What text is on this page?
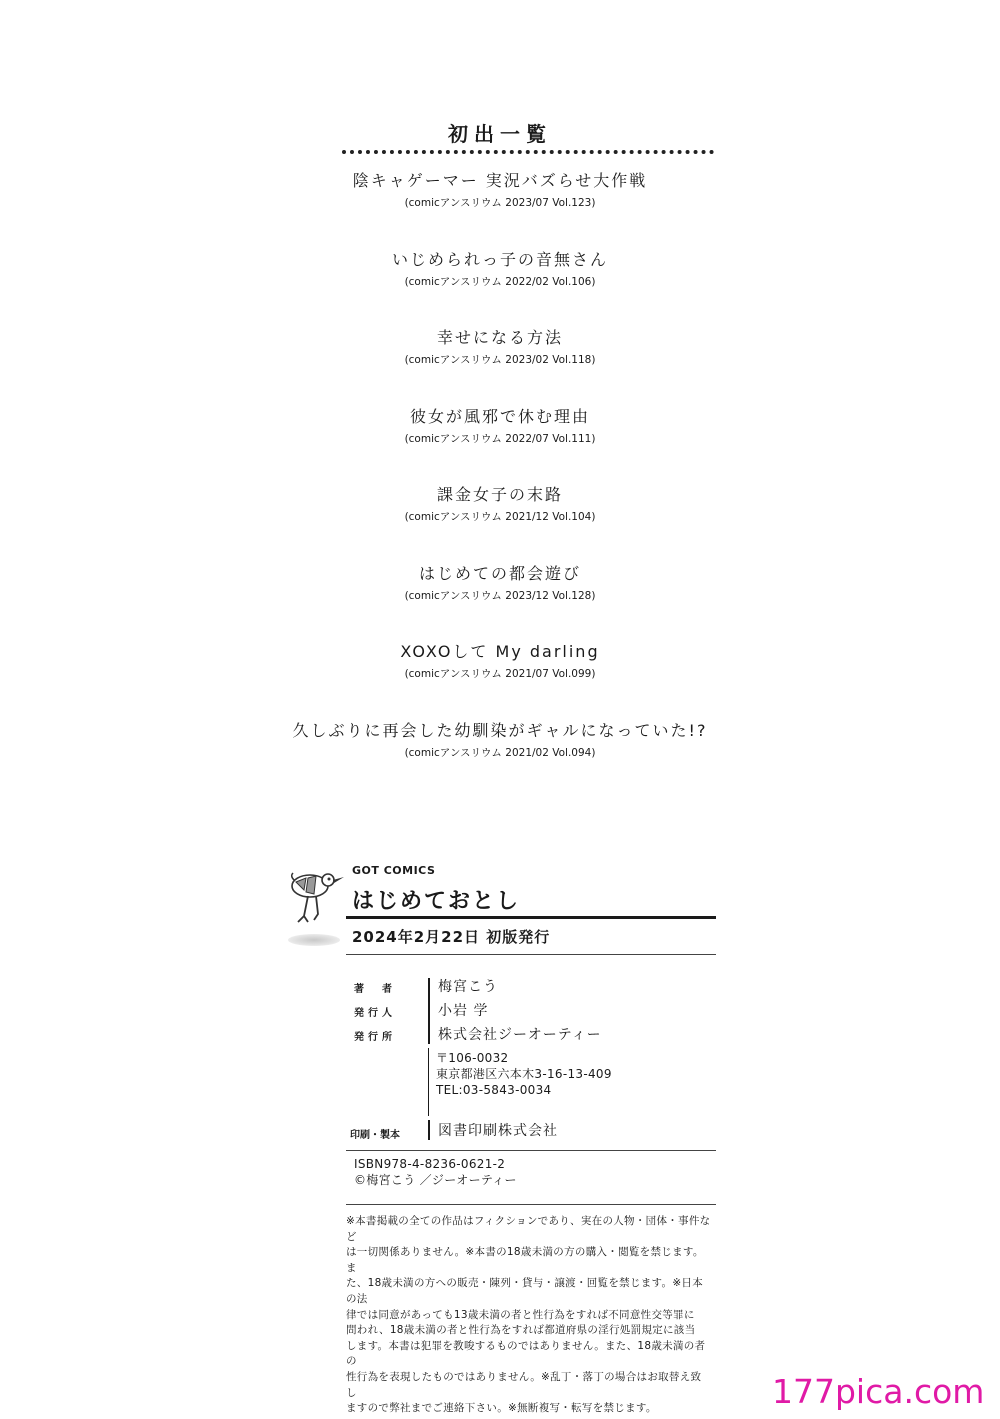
初出一覧
陰キャゲーマー 実況バズらせ大作戦
(comicアンスリウム 2023/07 Vol.123)
いじめられっ子の音無さん
(comicアンスリウム 2022/02 Vol.106)
幸せになる方法
(comicアンスリウム 2023/02 Vol.118)
彼女が風邪で休む理由
(comicアンスリウム 2022/07 Vol.111)
課金女子の末路
(comicアンスリウム 2021/12 Vol.104)
はじめての都会遊び
(comicアンスリウム 2023/12 Vol.128)
XOXOして My darling
(comicアンスリウム 2021/07 Vol.099)
久しぶりに再会した幼馴染がギャルになっていた!?
(comicアンスリウム 2021/02 Vol.094)
GOT COMICS
はじめておとし
2024年2月22日 初版発行
著　者	梅宮こう
発行人	小岩 学
発行所	株式会社ジーオーティー
〒106-0032
東京都港区六本木3-16-13-409
TEL:03-5843-0034
印刷・製本	図書印刷株式会社
ISBN978-4-8236-0621-2
©梅宮こう ／ジーオーティー
※本書掲載の全ての作品はフィクションであり、実在の人物・団体・事件など
は一切関係ありません。※本書の18歳未満の方の購入・閲覧を禁じます。ま
た、18歳未満の方への販売・陳列・貸与・譲渡・回覧を禁じます。※日本の法
律では同意があっても13歳未満の者と性行為をすれば不同意性交等罪に
問われ、18歳未満の者と性行為をすれば都道府県の淫行処罰規定に該当
します。本書は犯罪を教唆するものではありません。また、18歳未満の者の
性行為を表現したものではありません。※乱丁・落丁の場合はお取替え致し
ますので弊社までご連絡下さい。※無断複写・転写を禁じます。	177pica.com
